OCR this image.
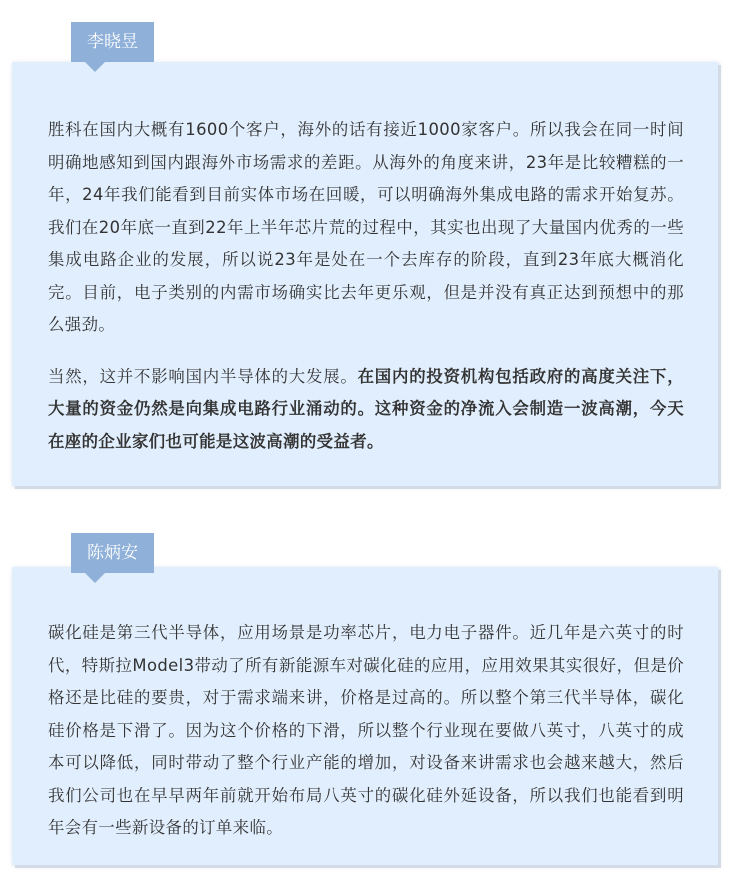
李晓昱

胜科在国内大概有1600个客户，海外的话有接近1000家客户。所以我会在同一时间明确地感知到国内跟海外市场需求的差距。从海外的角度来讲，23年是比较糟糕的一年，24年我们能看到目前实体市场在回暖，可以明确海外集成电路的需求开始复苏。我们在20年底一直到22年上半年芯片荒的过程中，其实也出现了大量国内优秀的一些集成电路企业的发展，所以说23年是处在一个去库存的阶段，直到23年底大概消化完。目前，电子类别的内需市场确实比去年更乐观，但是并没有真正达到预想中的那么强劲。

当然，这并不影响国内半导体的大发展。在国内的投资机构包括政府的高度关注下，大量的资金仍然是向集成电路行业涌动的。这种资金的净流入会制造一波高潮，今天在座的企业家们也可能是这波高潮的受益者。

陈炳安

碳化硅是第三代半导体，应用场景是功率芯片，电力电子器件。近几年是六英寸的时代，特斯拉Model3带动了所有新能源车对碳化硅的应用，应用效果其实很好，但是价格还是比硅的要贵，对于需求端来讲，价格是过高的。所以整个第三代半导体，碳化硅价格是下滑了。因为这个价格的下滑，所以整个行业现在要做八英寸，八英寸的成本可以降低，同时带动了整个行业产能的增加，对设备来讲需求也会越来越大，然后我们公司也在早早两年前就开始布局八英寸的碳化硅外延设备，所以我们也能看到明年会有一些新设备的订单来临。
